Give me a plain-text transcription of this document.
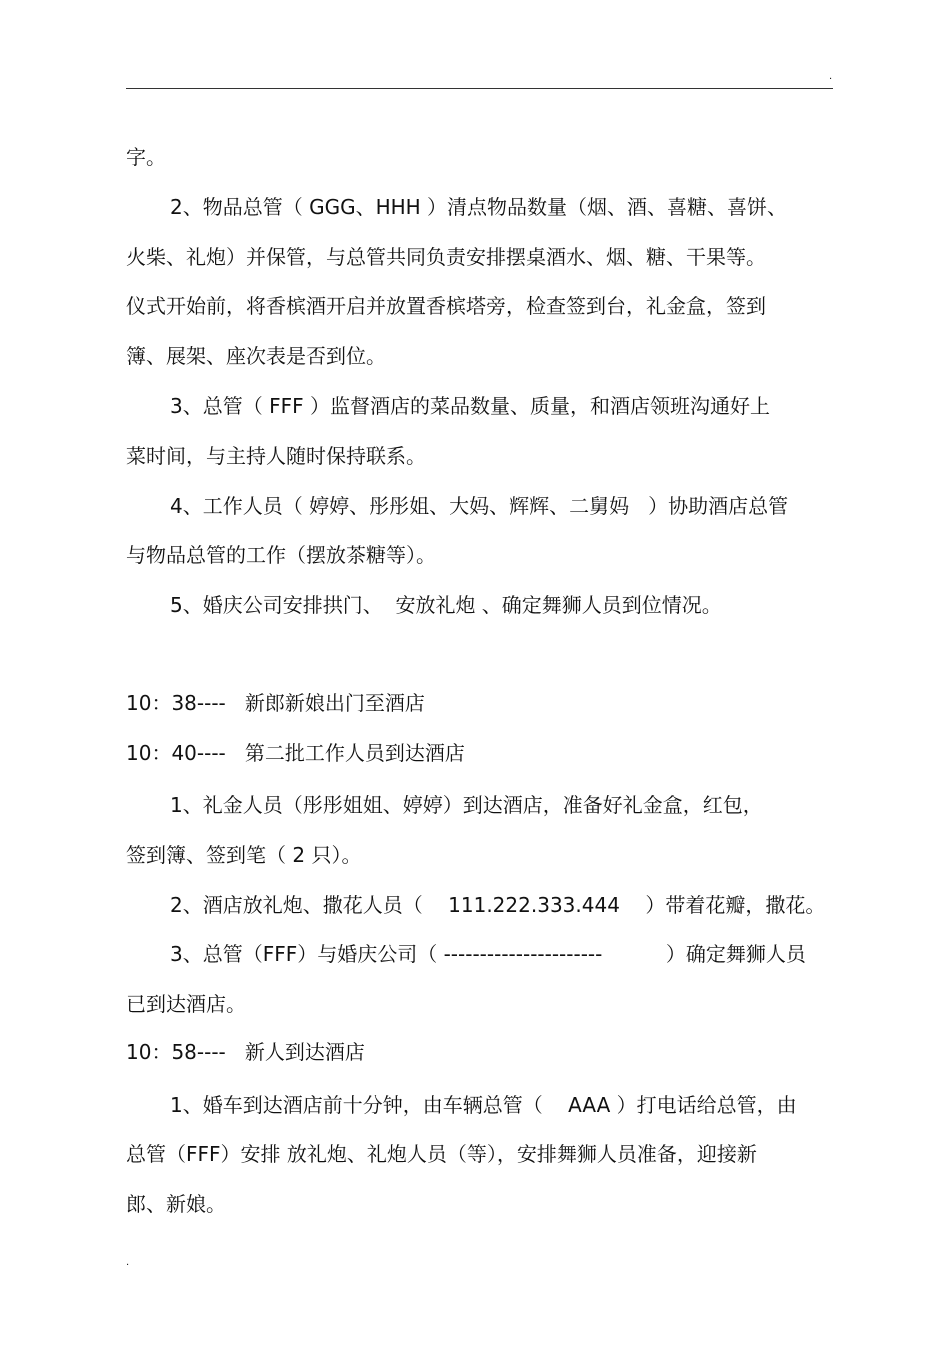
.

字。

2、物品总管（ GGG、HHH ）清点物品数量（烟、酒、喜糖、喜饼、

火柴、礼炮）并保管，与总管共同负责安排摆桌酒水、烟、糖、干果等。

仪式开始前，将香槟酒开启并放置香槟塔旁，检查签到台，礼金盒，签到

簿、展架、座次表是否到位。

3、总管（ FFF ）监督酒店的菜品数量、质量，和酒店领班沟通好上

菜时间，与主持人随时保持联系。

4、工作人员（ 婷婷、彤彤姐、大妈、辉辉、二舅妈   ）协助酒店总管

与物品总管的工作（摆放茶糖等）。

5、婚庆公司安排拱门、  安放礼炮 、确定舞狮人员到位情况。

10：38----   新郎新娘出门至酒店

10：40----   第二批工作人员到达酒店

1、礼金人员（彤彤姐姐、婷婷）到达酒店，准备好礼金盒，红包，

签到簿、签到笔（ 2 只）。

2、酒店放礼炮、撒花人员（    111.222.333.444    ）带着花瓣，撒花。

3、总管（FFF）与婚庆公司（ ----------------------          ）确定舞狮人员

已到达酒店。

10：58----   新人到达酒店

1、婚车到达酒店前十分钟，由车辆总管（    AAA ）打电话给总管，由

总管（FFF）安排 放礼炮、礼炮人员（等），安排舞狮人员准备，迎接新

郎、新娘。

.
